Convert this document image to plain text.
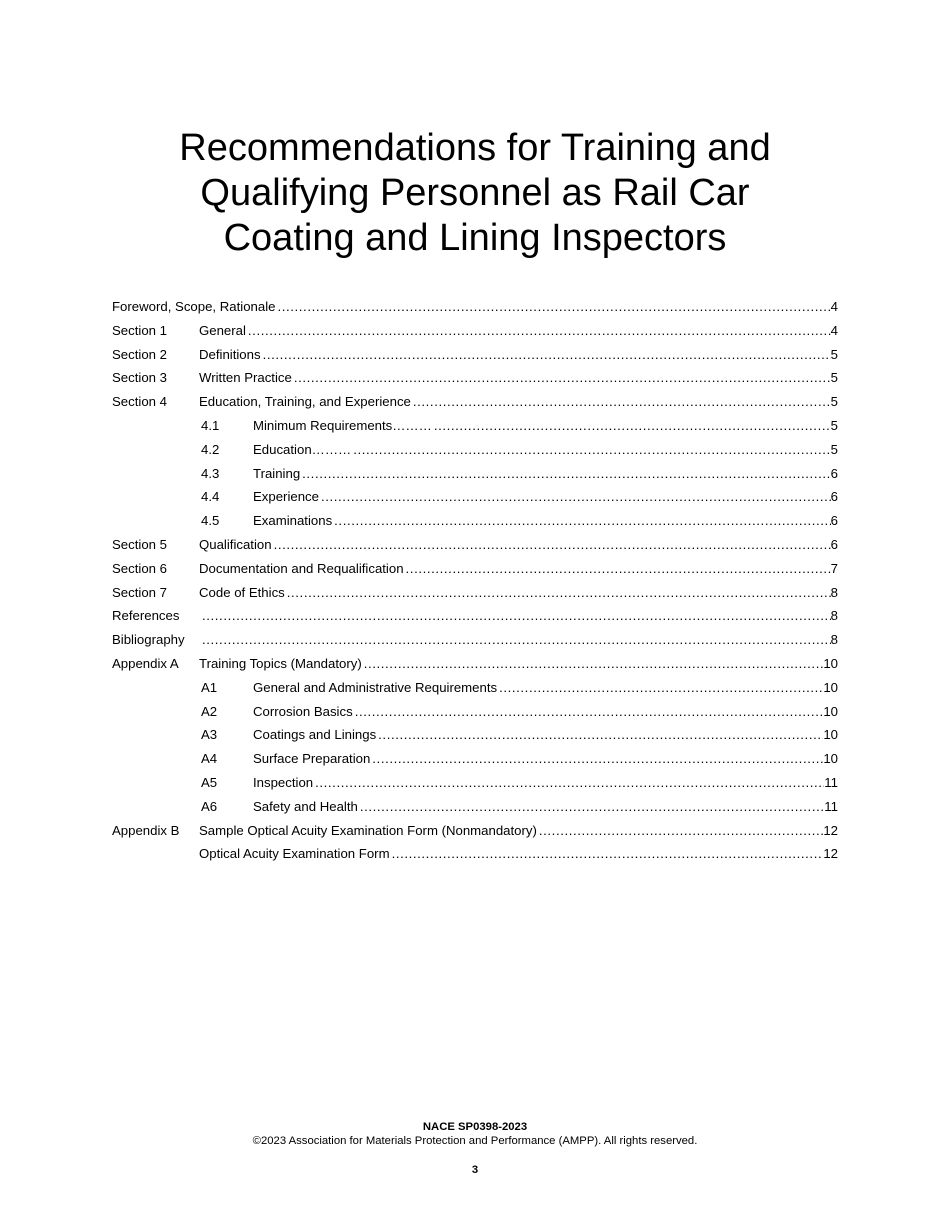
Recommendations for Training and
Qualifying Personnel as Rail Car
Coating and Lining Inspectors
Foreword, Scope, Rationale .....	4
Section 1 General .....	4
Section 2 Definitions .....	5
Section 3 Written Practice .....	5
Section 4 Education, Training, and Experience .....	5
4.1	Minimum Requirements……… .....	5
4.2	Education……… .....	5
4.3	Training .....	6
4.4	Experience .....	6
4.5	Examinations .....	6
Section 5 Qualification .....	6
Section 6 Documentation and Requalification .....	7
Section 7 Code of Ethics .....	8
References .....	8
Bibliography .....	8
Appendix A Training Topics (Mandatory) .....	10
A1	General and Administrative Requirements .....	10
A2	Corrosion Basics .....	10
A3	Coatings and Linings .....	10
A4	Surface Preparation .....	10
A5	Inspection .....	11
A6	Safety and Health .....	11
Appendix B Sample Optical Acuity Examination Form (Nonmandatory) .....	12
Optical Acuity Examination Form .....	12
NACE SP0398-2023
©2023 Association for Materials Protection and Performance (AMPP). All rights reserved.
3
